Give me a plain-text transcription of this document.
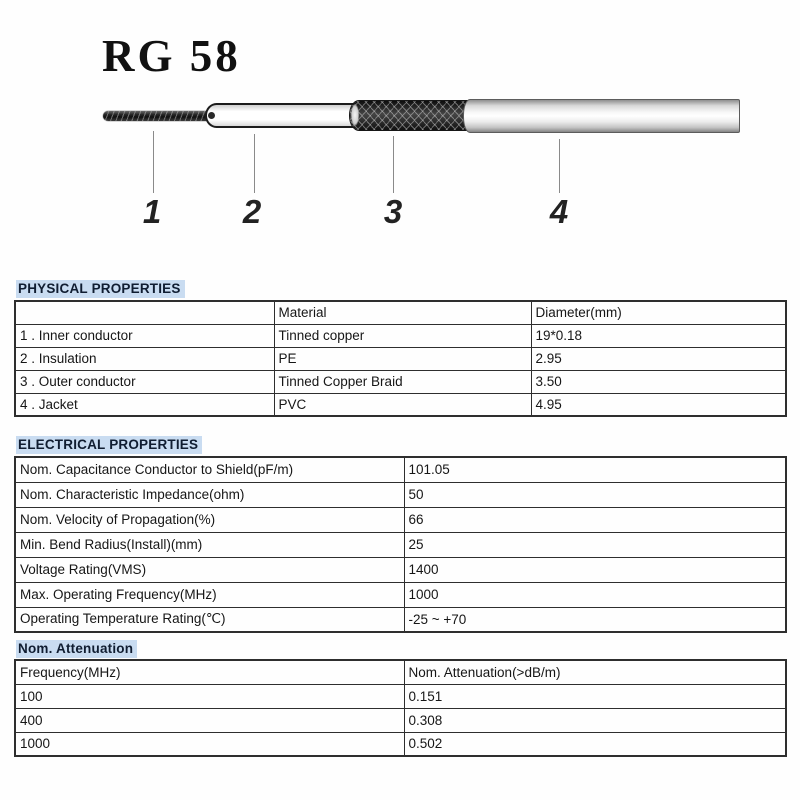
RG 58
1	2	3	4
PHYSICAL PROPERTIES
	Material	Diameter(mm)
1 . Inner conductor	Tinned copper	19*0.18
2 . Insulation	PE	2.95
3 . Outer conductor	Tinned Copper Braid	3.50
4 . Jacket	PVC	4.95
ELECTRICAL PROPERTIES
Nom. Capacitance Conductor to Shield(pF/m)	101.05
Nom. Characteristic Impedance(ohm)	50
Nom. Velocity of Propagation(%)	66
Min. Bend Radius(Install)(mm)	25
Voltage Rating(VMS)	1400
Max. Operating Frequency(MHz)	1000
Operating Temperature Rating(℃)	-25 ~ +70
Nom. Attenuation
Frequency(MHz)	Nom. Attenuation(>dB/m)
100	0.151
400	0.308
1000	0.502
